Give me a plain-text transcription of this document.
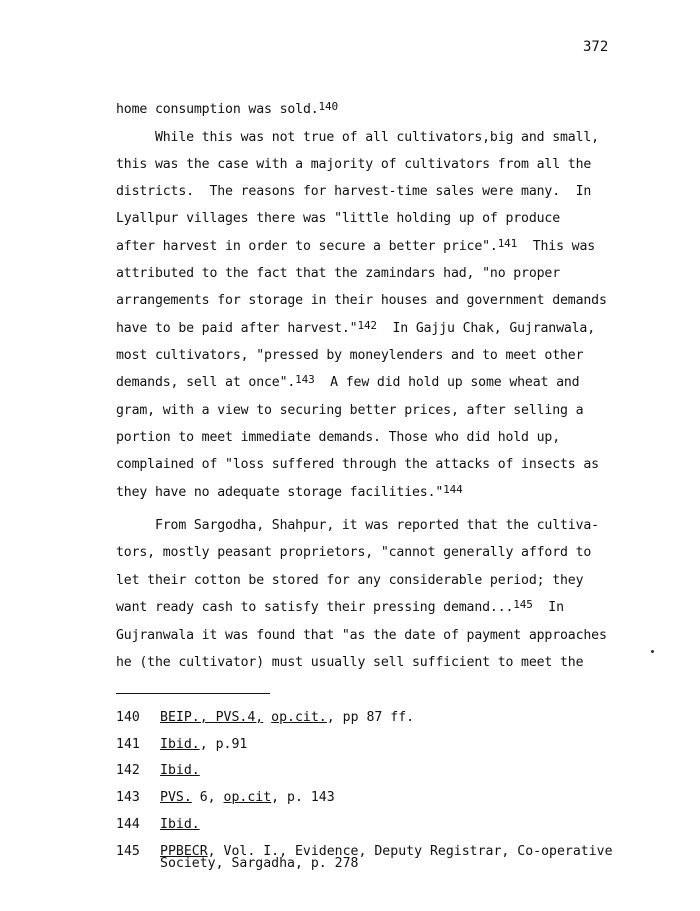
372
home consumption was sold.$^{140}$
While this was not true of all cultivators,big and small,
this was the case with a majority of cultivators from all the
districts.  The reasons for harvest-time sales were many.  In
Lyallpur villages there was "little holding up of produce
after harvest in order to secure a better price".$^{141}$  This was
attributed to the fact that the zamindars had, "no proper
arrangements for storage in their houses and government demands
have to be paid after harvest."$^{142}$  In Gajju Chak, Gujranwala,
most cultivators, "pressed by moneylenders and to meet other
demands, sell at once".$^{143}$  A few did hold up some wheat and
gram, with a view to securing better prices, after selling a
portion to meet immediate demands. Those who did hold up,
complained of "loss suffered through the attacks of insects as
they have no adequate storage facilities."$^{144}$
From Sargodha, Shahpur, it was reported that the cultiva-
tors, mostly peasant proprietors, "cannot generally afford to
let their cotton be stored for any considerable period; they
want ready cash to satisfy their pressing demand...$^{145}$  In
Gujranwala it was found that "as the date of payment approaches
he (the cultivator) must usually sell sufficient to meet the
140 BEIP., PVS.4, op.cit., pp 87 ff.
141 Ibid., p.91
142 Ibid.
143 PVS. 6, op.cit, p. 143
144 Ibid.
145 PPBECR, Vol. I., Evidence, Deputy Registrar, Co-operative
Society, Sargadha, p. 278
